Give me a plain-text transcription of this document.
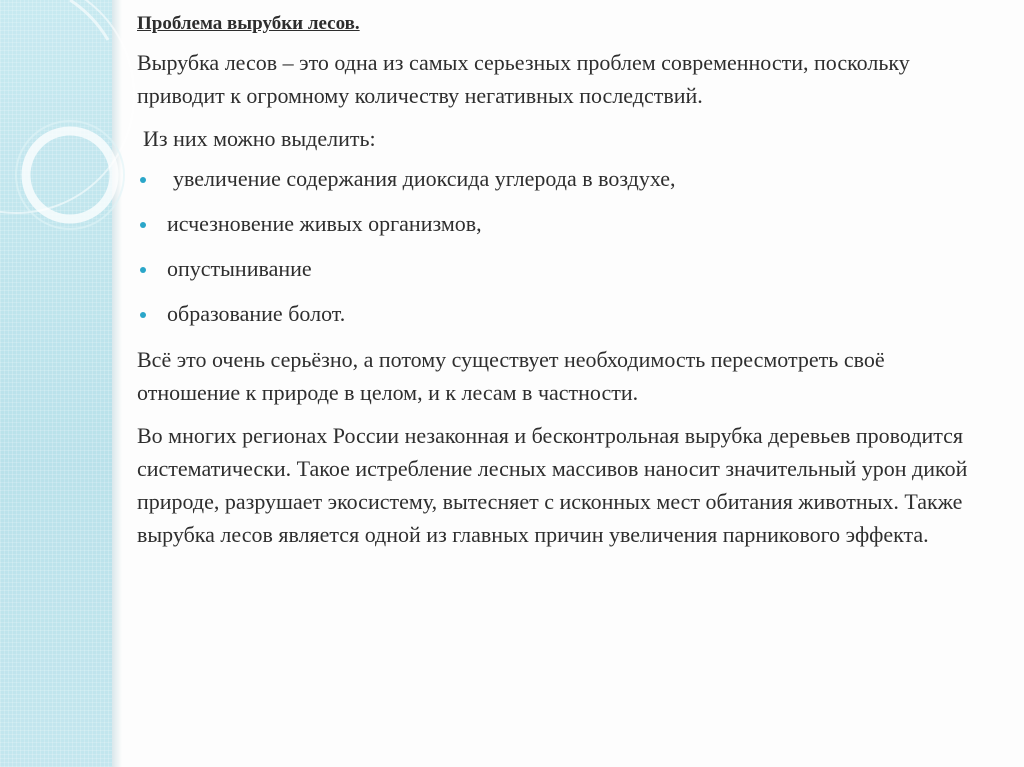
Проблема вырубки лесов.

Вырубка лесов – это одна из самых серьезных проблем современности, поскольку приводит к огромному количеству негативных последствий.

Из них можно выделить:

увеличение содержания диоксида углерода в воздухе,
исчезновение живых организмов,
опустынивание
образование болот.

Всё это очень серьёзно, а потому существует необходимость пересмотреть своё отношение к природе в целом, и к лесам в частности.

Во многих регионах России незаконная и бесконтрольная вырубка деревьев проводится систематически. Такое истребление лесных массивов наносит значительный урон дикой природе, разрушает экосистему, вытесняет с исконных мест обитания животных. Также вырубка лесов является одной из главных причин увеличения парникового эффекта.
